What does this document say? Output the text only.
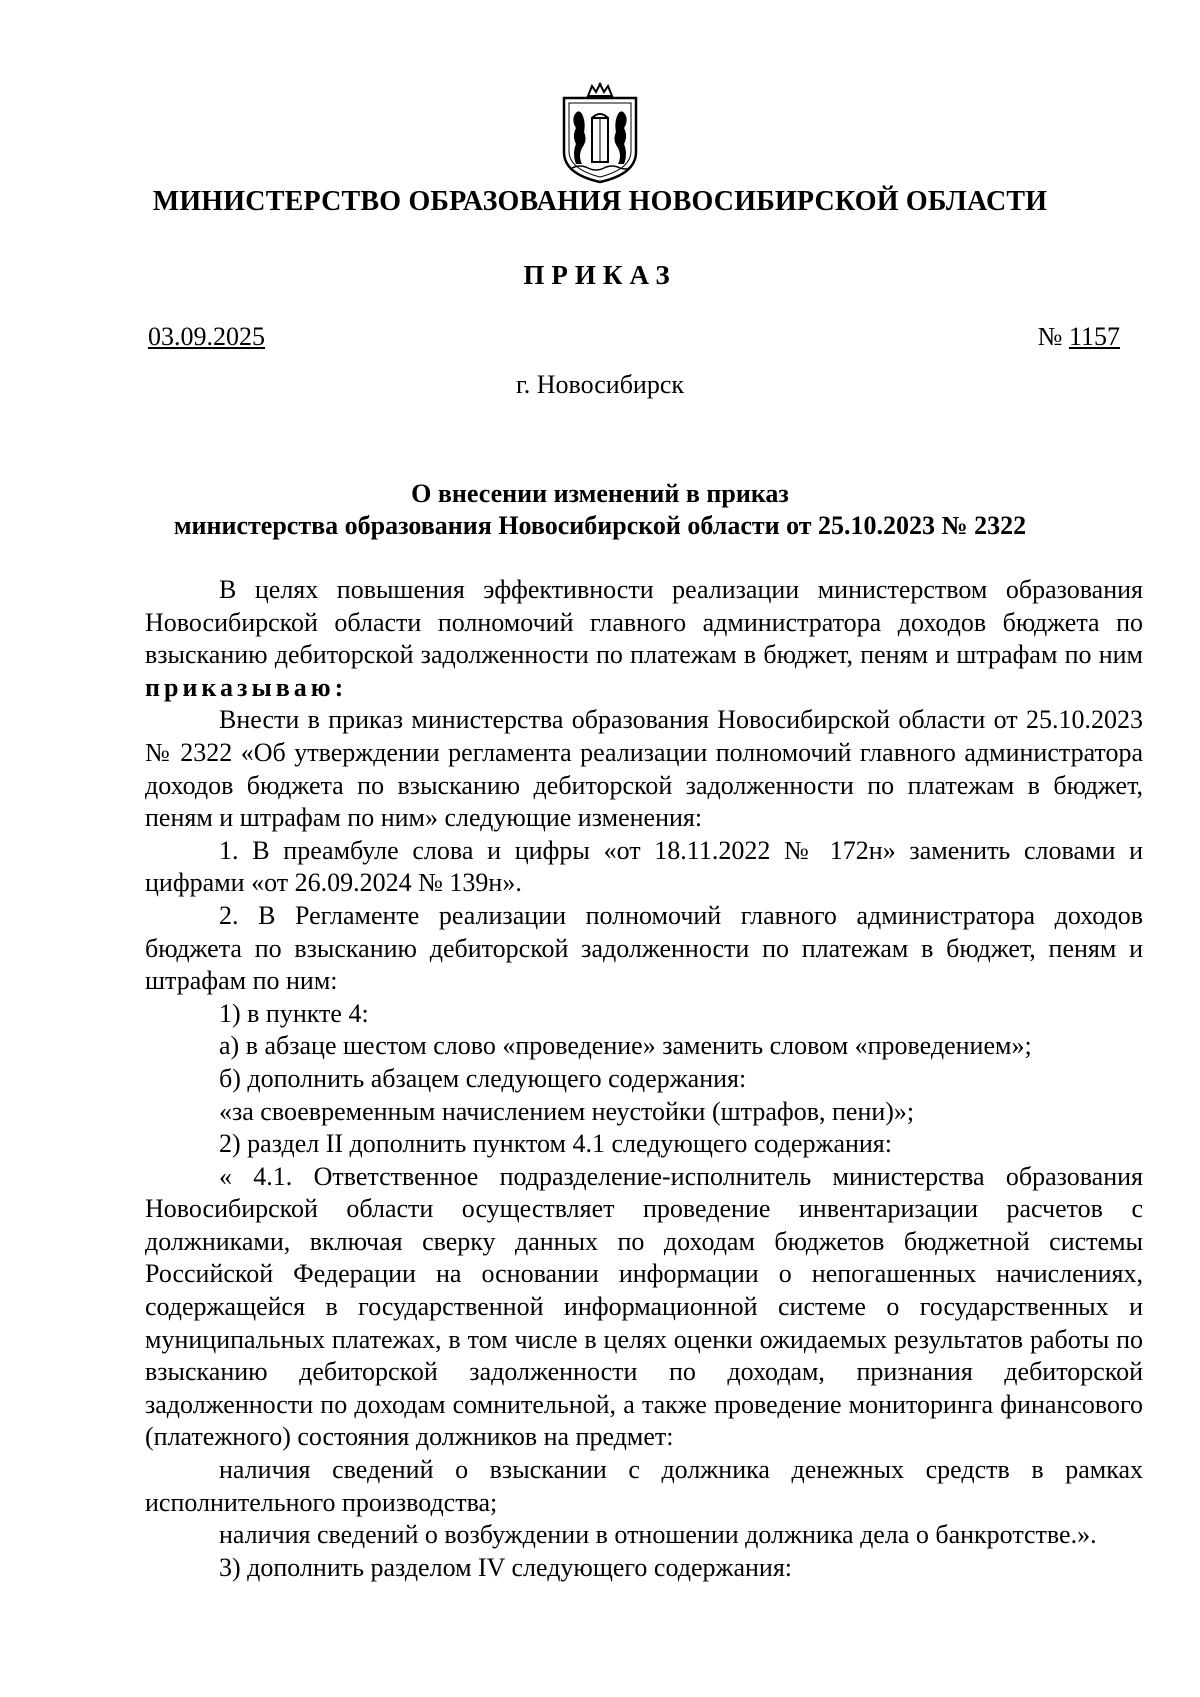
МИНИСТЕРСТВО ОБРАЗОВАНИЯ НОВОСИБИРСКОЙ ОБЛАСТИ
ПРИКАЗ
03.09.2025	№ 1157
г. Новосибирск
О внесении изменений в приказ
министерства образования Новосибирской области от 25.10.2023 № 2322

В целях повышения эффективности реализации министерством образования Новосибирской области полномочий главного администратора доходов бюджета по взысканию дебиторской задолженности по платежам в бюджет, пеням и штрафам по ним приказываю:

Внести в приказ министерства образования Новосибирской области от 25.10.2023 № 2322 «Об утверждении регламента реализации полномочий главного администратора доходов бюджета по взысканию дебиторской задолженности по платежам в бюджет, пеням и штрафам по ним» следующие изменения:

1. В преамбуле слова и цифры «от 18.11.2022 № 172н» заменить словами и цифрами «от 26.09.2024 № 139н».

2. В Регламенте реализации полномочий главного администратора доходов бюджета по взысканию дебиторской задолженности по платежам в бюджет, пеням и штрафам по ним:

1) в пункте 4:

а) в абзаце шестом слово «проведение» заменить словом «проведением»;

б) дополнить абзацем следующего содержания:

«за своевременным начислением неустойки (штрафов, пени)»;

2) раздел II дополнить пунктом 4.1 следующего содержания:

« 4.1. Ответственное подразделение-исполнитель министерства образования Новосибирской области осуществляет проведение инвентаризации расчетов с должниками, включая сверку данных по доходам бюджетов бюджетной системы Российской Федерации на основании информации о непогашенных начислениях, содержащейся в государственной информационной системе о государственных и муниципальных платежах, в том числе в целях оценки ожидаемых результатов работы по взысканию дебиторской задолженности по доходам, признания дебиторской задолженности по доходам сомнительной, а также проведение мониторинга финансового (платежного) состояния должников на предмет:

наличия сведений о взыскании с должника денежных средств в рамках исполнительного производства;

наличия сведений о возбуждении в отношении должника дела о банкротстве.».

3) дополнить разделом IV следующего содержания:
